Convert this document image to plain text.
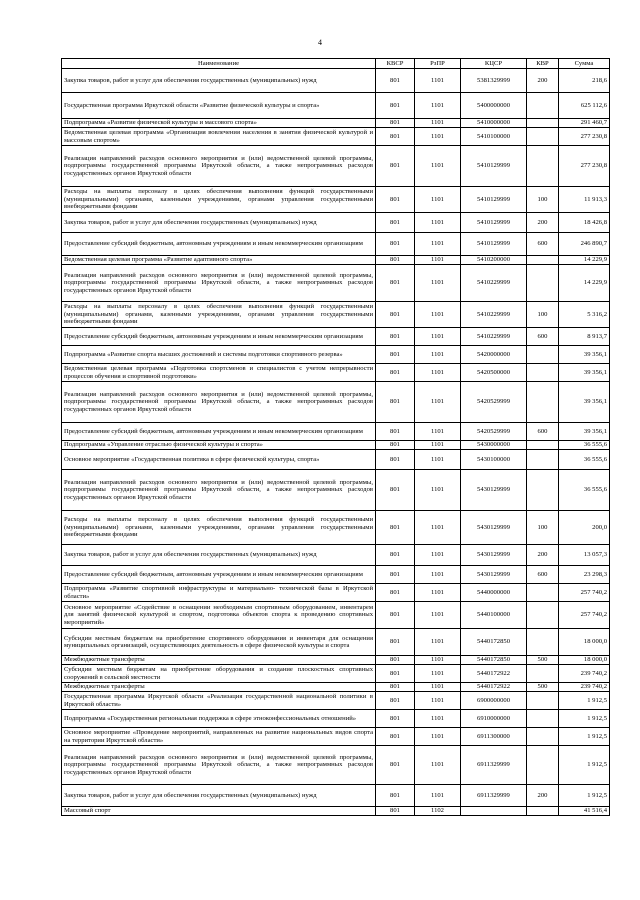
4
Наименование	КВСР	РзПР	КЦСР	КВР	Сумма
Закупка товаров, работ и услуг для обеспечения государственных (муниципальных) нужд	801	1101	5381329999	200	218,6
Государственная программа Иркутской области «Развитие физической культуры и спорта»	801	1101	5400000000		625 112,6
Подпрограмма «Развитие физической культуры и массового спорта»	801	1101	5410000000		291 460,7
Ведомственная целевая программа «Организация вовлечения населения в занятия физической культурой и массовым спортом»	801	1101	5410100000		277 230,8
Реализация направлений расходов основного мероприятия и (или) ведомственной целевой программы, подпрограммы государственной программы Иркутской области, а также непрограммных расходов государственных органов Иркутской области	801	1101	5410129999		277 230,8
Расходы на выплаты персоналу в целях обеспечения выполнения функций государственными (муниципальными) органами, казенными учреждениями, органами управления государственными внебюджетными фондами	801	1101	5410129999	100	11 913,3
Закупка товаров, работ и услуг для обеспечения государственных (муниципальных) нужд	801	1101	5410129999	200	18 426,8
Предоставление субсидий бюджетным, автономным учреждениям и иным некоммерческим организациям	801	1101	5410129999	600	246 890,7
Ведомственная целевая программа «Развитие адаптивного спорта»	801	1101	5410200000		14 229,9
Реализация направлений расходов основного мероприятия и (или) ведомственной целевой программы, подпрограммы государственной программы Иркутской области, а также непрограммных расходов государственных органов Иркутской области	801	1101	5410229999		14 229,9
Расходы на выплаты персоналу в целях обеспечения выполнения функций государственными (муниципальными) органами, казенными учреждениями, органами управления государственными внебюджетными фондами	801	1101	5410229999	100	5 316,2
Предоставление субсидий бюджетным, автономным учреждениям и иным некоммерческим организациям	801	1101	5410229999	600	8 913,7
Подпрограмма «Развитие спорта высших достижений и системы подготовки спортивного резерва»	801	1101	5420000000		39 356,1
Ведомственная целевая программа «Подготовка спортсменов и специалистов с учетом непрерывности процессов обучения и спортивной подготовки»	801	1101	5420500000		39 356,1
Реализация направлений расходов основного мероприятия и (или) ведомственной целевой программы, подпрограммы государственной программы Иркутской области, а также непрограммных расходов государственных органов Иркутской области	801	1101	5420529999		39 356,1
Предоставление субсидий бюджетным, автономным учреждениям и иным некоммерческим организациям	801	1101	5420529999	600	39 356,1
Подпрограмма «Управление отраслью физической культуры и спорта»	801	1101	5430000000		36 555,6
Основное мероприятие «Государственная политика в сфере физической культуры, спорта»	801	1101	5430100000		36 555,6
Реализация направлений расходов основного мероприятия и (или) ведомственной целевой программы, подпрограммы государственной программы Иркутской области, а также непрограммных расходов государственных органов Иркутской области	801	1101	5430129999		36 555,6
Расходы на выплаты персоналу в целях обеспечения выполнения функций государственными (муниципальными) органами, казенными учреждениями, органами управления государственными внебюджетными фондами	801	1101	5430129999	100	200,0
Закупка товаров, работ и услуг для обеспечения государственных (муниципальных) нужд	801	1101	5430129999	200	13 057,3
Предоставление субсидий бюджетным, автономным учреждениям и иным некоммерческим организациям	801	1101	5430129999	600	23 298,3
Подпрограмма «Развитие спортивной инфраструктуры и материально- технической базы в Иркутской области»	801	1101	5440000000		257 740,2
Основное мероприятие «Содействие в оснащении необходимым спортивным оборудованием, инвентарем для занятий физической культурой и спортом, подготовка объектов спорта к проведению спортивных мероприятий»	801	1101	5440100000		257 740,2
Субсидии местным бюджетам на приобретение спортивного оборудования и инвентаря для оснащения муниципальных организаций, осуществляющих деятельность в сфере физической культуры и спорта	801	1101	5440172850		18 000,0
Межбюджетные трансферты	801	1101	5440172850	500	18 000,0
Субсидии местным бюджетам на приобретение оборудования и создание плоскостных спортивных сооружений в сельской местности	801	1101	5440172922		239 740,2
Межбюджетные трансферты	801	1101	5440172922	500	239 740,2
Государственная программа Иркутской области «Реализация государственной национальной политики в Иркутской области»	801	1101	6900000000		1 912,5
Подпрограмма «Государственная региональная поддержка в сфере этноконфессиональных отношений»	801	1101	6910000000		1 912,5
Основное мероприятие «Проведение мероприятий, направленных на развитие национальных видов спорта на территории Иркутской области»	801	1101	6911300000		1 912,5
Реализация направлений расходов основного мероприятия и (или) ведомственной целевой программы, подпрограммы государственной программы Иркутской области, а также непрограммных расходов государственных органов Иркутской области	801	1101	6911329999		1 912,5
Закупка товаров, работ и услуг для обеспечения государственных (муниципальных) нужд	801	1101	6911329999	200	1 912,5
Массовый спорт	801	1102			41 516,4
